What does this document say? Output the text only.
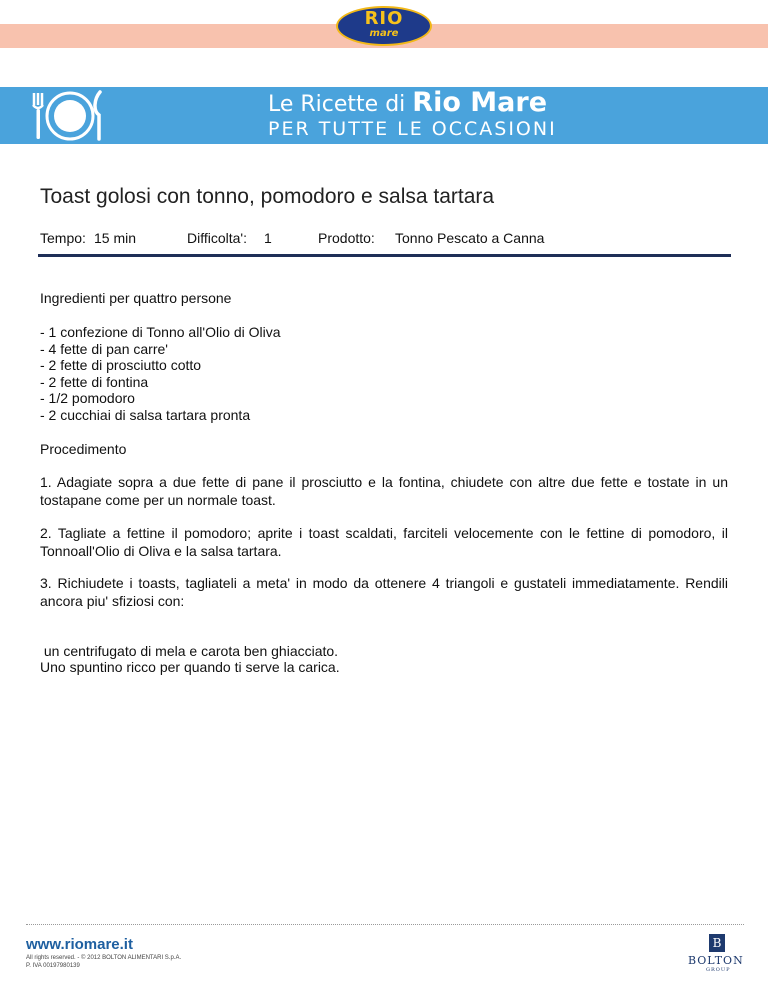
RIO
mare
Le Ricette di Rio Mare
PER TUTTE LE OCCASIONI
Toast golosi con tonno, pomodoro e salsa tartara
Tempo: 15 min	Difficolta': 1	Prodotto: Tonno Pescato a Canna
Ingredienti per quattro persone
- 1 confezione di Tonno all'Olio di Oliva
- 4 fette di pan carre'
- 2 fette di prosciutto cotto
- 2 fette di fontina
- 1/2 pomodoro
- 2 cucchiai di salsa tartara pronta
Procedimento
1. Adagiate sopra a due fette di pane il prosciutto e la fontina, chiudete con altre due fette e tostate in un tostapane come per un normale toast.
2. Tagliate a fettine il pomodoro; aprite i toast scaldati, farciteli velocemente con le fettine di pomodoro, il Tonnoall'Olio di Oliva e la salsa tartara.
3. Richiudete i toasts, tagliateli a meta' in modo da ottenere 4 triangoli e gustateli immediatamente. Rendili ancora piu' sfiziosi con:
un centrifugato di mela e carota ben ghiacciato.
Uno spuntino ricco per quando ti serve la carica.
www.riomare.it
All rights reserved. - © 2012 BOLTON ALIMENTARI S.p.A.
P. IVA 00197980139
B
BOLTON
GROUP
